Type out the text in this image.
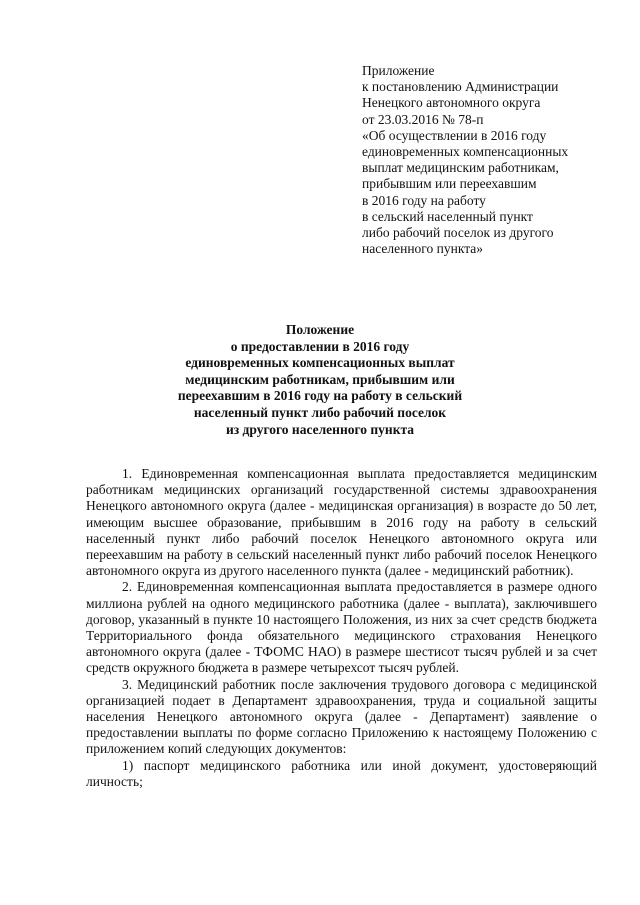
Приложение
к постановлению Администрации
Ненецкого автономного округа
от 23.03.2016 № 78-п
«Об осуществлении в 2016 году
единовременных компенсационных
выплат медицинским работникам,
прибывшим или переехавшим
в 2016 году на работу
в сельский населенный пункт
либо рабочий поселок из другого
населенного пункта»
Положение
о предоставлении в 2016 году
единовременных компенсационных выплат
медицинским работникам, прибывшим или
переехавшим в 2016 году на работу в сельский
населенный пункт либо рабочий поселок
из другого населенного пункта

1. Единовременная компенсационная выплата предоставляется медицинским работникам медицинских организаций государственной системы здравоохранения Ненецкого автономного округа (далее - медицинская организация) в возрасте до 50 лет, имеющим высшее образование, прибывшим в 2016 году на работу в сельский населенный пункт либо рабочий поселок Ненецкого автономного округа или переехавшим на работу в сельский населенный пункт либо рабочий поселок Ненецкого автономного округа из другого населенного пункта (далее - медицинский работник).

2. Единовременная компенсационная выплата предоставляется в размере одного миллиона рублей на одного медицинского работника (далее - выплата), заключившего договор, указанный в пункте 10 настоящего Положения, из них за счет средств бюджета Территориального фонда обязательного медицинского страхования Ненецкого автономного округа (далее - ТФОМС НАО) в размере шестисот тысяч рублей и за счет средств окружного бюджета в размере четырехсот тысяч рублей.

3. Медицинский работник после заключения трудового договора с медицинской организацией подает в Департамент здравоохранения, труда и социальной защиты населения Ненецкого автономного округа (далее - Департамент) заявление о предоставлении выплаты по форме согласно Приложению к настоящему Положению с приложением копий следующих документов:

1) паспорт медицинского работника или иной документ, удостоверяющий личность;
